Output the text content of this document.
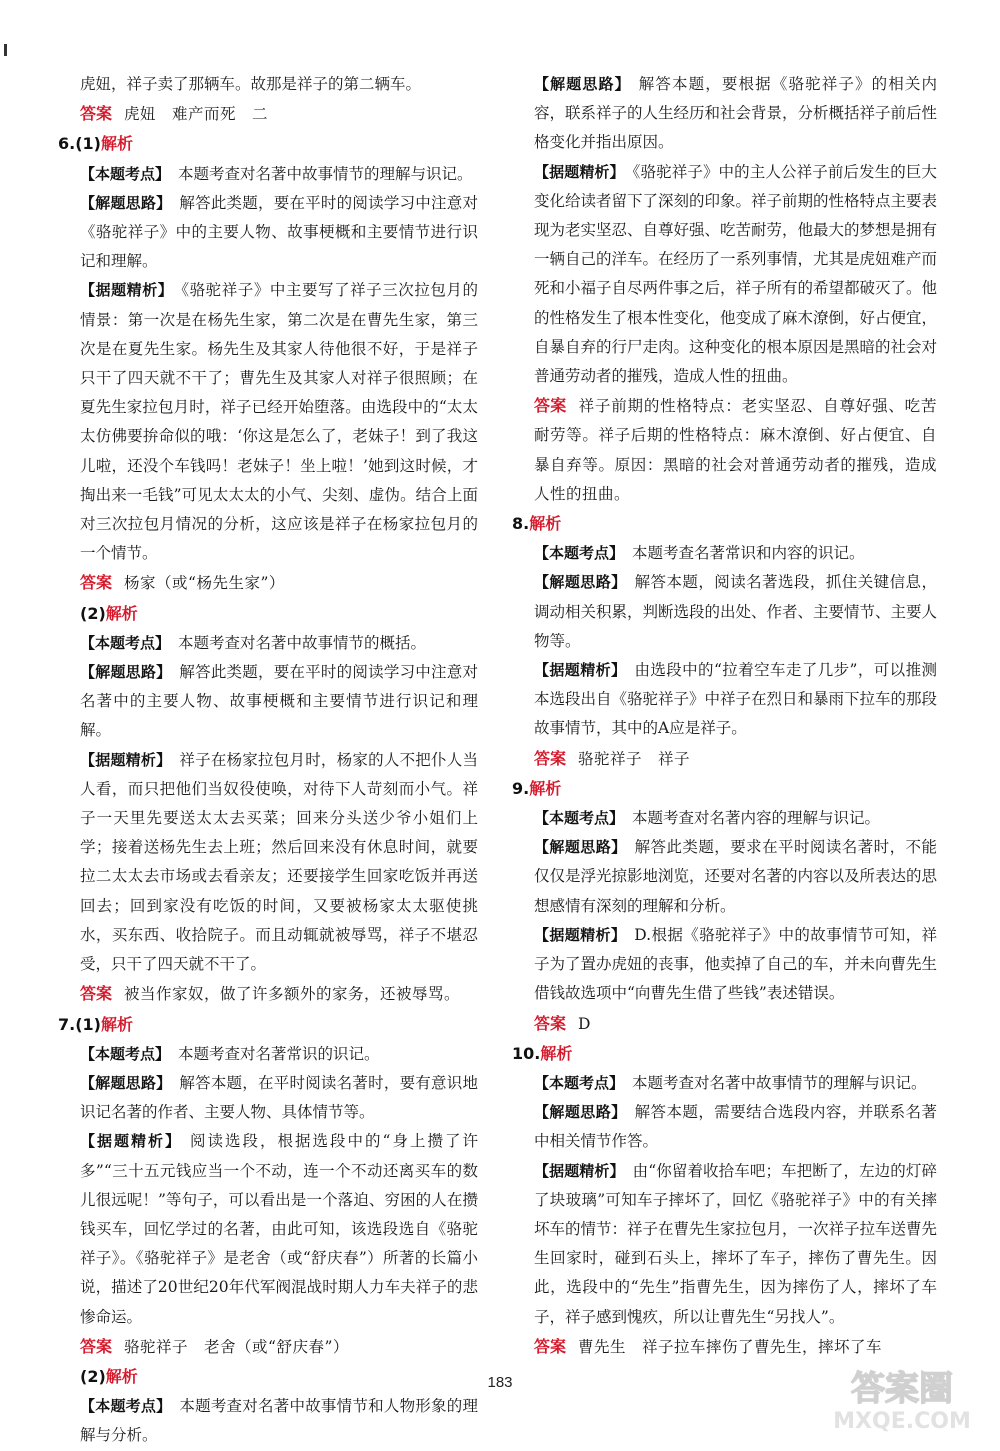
虎妞，祥子卖了那辆车。故那是祥子的第二辆车。

答案 虎妞 难产而死 二

6.(1)解析

【本题考点】 本题考查对名著中故事情节的理解与识记。

【解题思路】 解答此类题，要在平时的阅读学习中注意对《骆驼祥子》中的主要人物、故事梗概和主要情节进行识记和理解。

【据题精析】 《骆驼祥子》中主要写了祥子三次拉包月的情景：第一次是在杨先生家，第二次是在曹先生家，第三次是在夏先生家。杨先生及其家人待他很不好，于是祥子只干了四天就不干了；曹先生及其家人对祥子很照顾；在夏先生家拉包月时，祥子已经开始堕落。由选段中的“太太太仿佛要拚命似的哦：‘你这是怎么了，老妹子！到了我这儿啦，还没个车钱吗！老妹子！坐上啦！’她到这时候，才掏出来一毛钱”可见太太太的小气、尖刻、虚伪。结合上面对三次拉包月情况的分析，这应该是祥子在杨家拉包月的一个情节。

答案 杨家（或“杨先生家”）

(2)解析

【本题考点】 本题考查对名著中故事情节的概括。

【解题思路】 解答此类题，要在平时的阅读学习中注意对名著中的主要人物、故事梗概和主要情节进行识记和理解。

【据题精析】 祥子在杨家拉包月时，杨家的人不把仆人当人看，而只把他们当奴役使唤，对待下人苛刻而小气。祥子一天里先要送太太去买菜；回来分头送少爷小姐们上学；接着送杨先生去上班；然后回来没有休息时间，就要拉二太太去市场或去看亲友；还要接学生回家吃饭并再送回去；回到家没有吃饭的时间，又要被杨家太太驱使挑水，买东西、收拾院子。而且动辄就被辱骂，祥子不堪忍受，只干了四天就不干了。

答案 被当作家奴，做了许多额外的家务，还被辱骂。

7.(1)解析

【本题考点】 本题考查对名著常识的识记。

【解题思路】 解答本题，在平时阅读名著时，要有意识地识记名著的作者、主要人物、具体情节等。

【据题精析】 阅读选段，根据选段中的“身上攒了许多”“三十五元钱应当一个不动，连一个不动还离买车的数儿很远呢！”等句子，可以看出是一个落迫、穷困的人在攒钱买车，回忆学过的名著，由此可知，该选段选自《骆驼祥子》。《骆驼祥子》是老舍（或“舒庆春”）所著的长篇小说，描述了20世纪20年代军阀混战时期人力车夫祥子的悲惨命运。

答案 骆驼祥子 老舍（或“舒庆春”）

(2)解析

【本题考点】 本题考查对名著中故事情节和人物形象的理解与分析。

【解题思路】 解答本题，要根据《骆驼祥子》的相关内容，联系祥子的人生经历和社会背景，分析概括祥子前后性格变化并指出原因。

【据题精析】 《骆驼祥子》中的主人公祥子前后发生的巨大变化给读者留下了深刻的印象。祥子前期的性格特点主要表现为老实坚忍、自尊好强、吃苦耐劳，他最大的梦想是拥有一辆自己的洋车。在经历了一系列事情，尤其是虎妞难产而死和小福子自尽两件事之后，祥子所有的希望都破灭了。他的性格发生了根本性变化，他变成了麻木潦倒，好占便宜，自暴自弃的行尸走肉。这种变化的根本原因是黑暗的社会对普通劳动者的摧残，造成人性的扭曲。

答案 祥子前期的性格特点：老实坚忍、自尊好强、吃苦耐劳等。祥子后期的性格特点：麻木潦倒、好占便宜、自暴自弃等。原因：黑暗的社会对普通劳动者的摧残，造成人性的扭曲。

8.解析

【本题考点】 本题考查名著常识和内容的识记。

【解题思路】 解答本题，阅读名著选段，抓住关键信息，调动相关积累，判断选段的出处、作者、主要情节、主要人物等。

【据题精析】 由选段中的“拉着空车走了几步”，可以推测本选段出自《骆驼祥子》中祥子在烈日和暴雨下拉车的那段故事情节，其中的A应是祥子。

答案 骆驼祥子 祥子

9.解析

【本题考点】 本题考查对名著内容的理解与识记。

【解题思路】 解答此类题，要求在平时阅读名著时，不能仅仅是浮光掠影地浏览，还要对名著的内容以及所表达的思想感情有深刻的理解和分析。

【据题精析】 D.根据《骆驼祥子》中的故事情节可知，祥子为了置办虎妞的丧事，他卖掉了自己的车，并未向曹先生借钱故选项中“向曹先生借了些钱”表述错误。

答案 D

10.解析

【本题考点】 本题考查对名著中故事情节的理解与识记。

【解题思路】 解答本题，需要结合选段内容，并联系名著中相关情节作答。

【据题精析】 由“你留着收拾车吧；车把断了，左边的灯碎了块玻璃”可知车子摔坏了，回忆《骆驼祥子》中的有关摔坏车的情节：祥子在曹先生家拉包月，一次祥子拉车送曹先生回家时，碰到石头上，摔坏了车子，摔伤了曹先生。因此，选段中的“先生”指曹先生，因为摔伤了人，摔坏了车子，祥子感到愧疚，所以让曹先生“另找人”。

答案 曹先生 祥子拉车摔伤了曹先生，摔坏了车

183	答案圈
MXQE.COM
